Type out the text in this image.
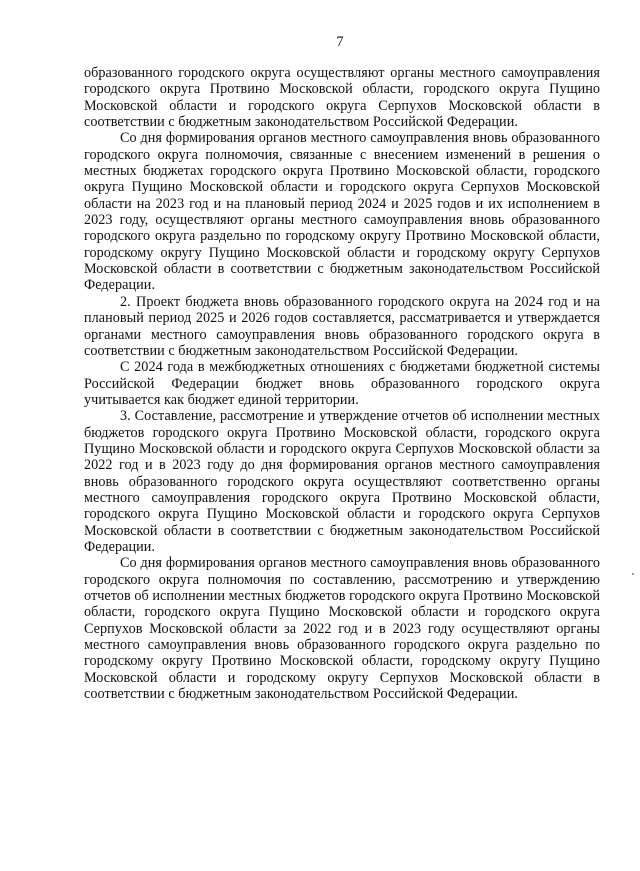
7

образованного городского округа осуществляют органы местного самоуправления городского округа Протвино Московской области, городского округа Пущино Московской области и городского округа Серпухов Московской области в соответствии с бюджетным законодательством Российской Федерации.

Со дня формирования органов местного самоуправления вновь образованного городского округа полномочия, связанные с внесением изменений в решения о местных бюджетах городского округа Протвино Московской области, городского округа Пущино Московской области и городского округа Серпухов Московской области на 2023 год и на плановый период 2024 и 2025 годов и их исполнением в 2023 году, осуществляют органы местного самоуправления вновь образованного городского округа раздельно по городскому округу Протвино Московской области, городскому округу Пущино Московской области и городскому округу Серпухов Московской области в соответствии с бюджетным законодательством Российской Федерации.

2. Проект бюджета вновь образованного городского округа на 2024 год и на плановый период 2025 и 2026 годов составляется, рассматривается и утверждается органами местного самоуправления вновь образованного городского округа в соответствии с бюджетным законодательством Российской Федерации.

С 2024 года в межбюджетных отношениях с бюджетами бюджетной системы Российской Федерации бюджет вновь образованного городского округа учитывается как бюджет единой территории.

3. Составление, рассмотрение и утверждение отчетов об исполнении местных бюджетов городского округа Протвино Московской области, городского округа Пущино Московской области и городского округа Серпухов Московской области за 2022 год и в 2023 году до дня формирования органов местного самоуправления вновь образованного городского округа осуществляют соответственно органы местного самоуправления городского округа Протвино Московской области, городского округа Пущино Московской области и городского округа Серпухов Московской области в соответствии с бюджетным законодательством Российской Федерации.

Со дня формирования органов местного самоуправления вновь образованного городского округа полномочия по составлению, рассмотрению и утверждению отчетов об исполнении местных бюджетов городского округа Протвино Московской области, городского округа Пущино Московской области и городского округа Серпухов Московской области за 2022 год и в 2023 году осуществляют органы местного самоуправления вновь образованного городского округа раздельно по городскому округу Протвино Московской области, городскому округу Пущино Московской области и городскому округу Серпухов Московской области в соответствии с бюджетным законодательством Российской Федерации.
